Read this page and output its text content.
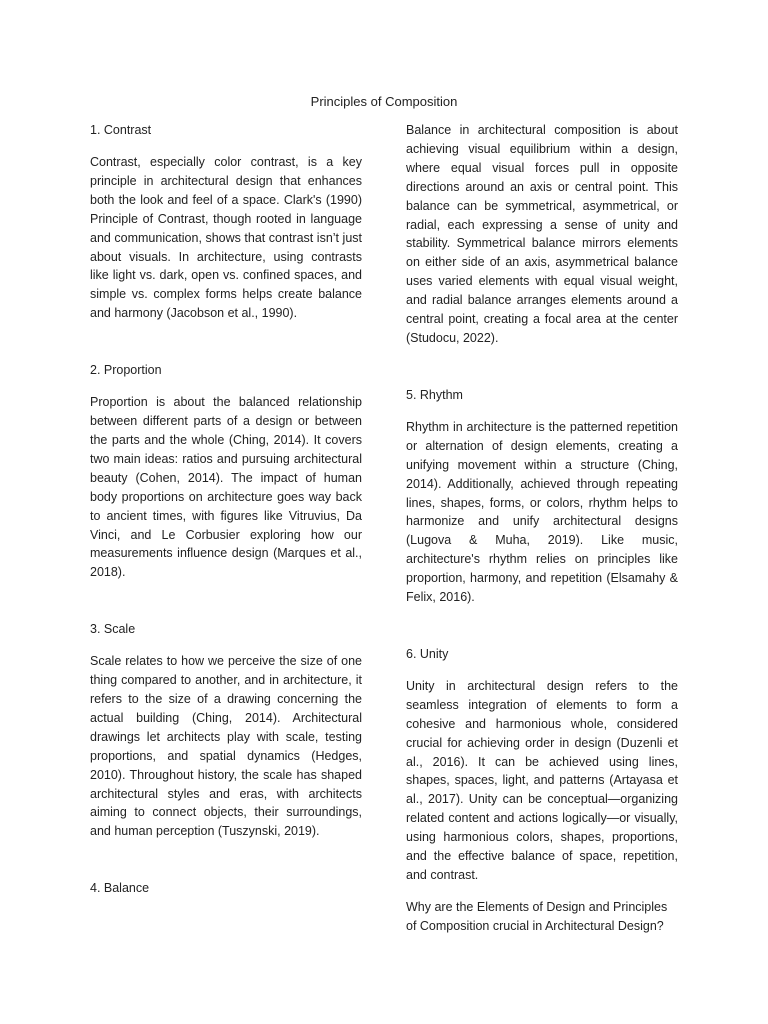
Principles of Composition
1. Contrast

Contrast, especially color contrast, is a key principle in architectural design that enhances both the look and feel of a space. Clark's (1990) Principle of Contrast, though rooted in language and communication, shows that contrast isn’t just about visuals. In architecture, using contrasts like light vs. dark, open vs. confined spaces, and simple vs. complex forms helps create balance and harmony (Jacobson et al., 1990).

2. Proportion

Proportion is about the balanced relationship between different parts of a design or between the parts and the whole (Ching, 2014). It covers two main ideas: ratios and pursuing architectural beauty (Cohen, 2014). The impact of human body proportions on architecture goes way back to ancient times, with figures like Vitruvius, Da Vinci, and Le Corbusier exploring how our measurements influence design (Marques et al., 2018).

3. Scale

Scale relates to how we perceive the size of one thing compared to another, and in architecture, it refers to the size of a drawing concerning the actual building (Ching, 2014). Architectural drawings let architects play with scale, testing proportions, and spatial dynamics (Hedges, 2010). Throughout history, the scale has shaped architectural styles and eras, with architects aiming to connect objects, their surroundings, and human perception (Tuszynski, 2019).

4. Balance

Balance in architectural composition is about achieving visual equilibrium within a design, where equal visual forces pull in opposite directions around an axis or central point. This balance can be symmetrical, asymmetrical, or radial, each expressing a sense of unity and stability. Symmetrical balance mirrors elements on either side of an axis, asymmetrical balance uses varied elements with equal visual weight, and radial balance arranges elements around a central point, creating a focal area at the center (Studocu, 2022).

5. Rhythm

Rhythm in architecture is the patterned repetition or alternation of design elements, creating a unifying movement within a structure (Ching, 2014). Additionally, achieved through repeating lines, shapes, forms, or colors, rhythm helps to harmonize and unify architectural designs (Lugova & Muha, 2019). Like music, architecture's rhythm relies on principles like proportion, harmony, and repetition (Elsamahy & Felix, 2016).

6. Unity

Unity in architectural design refers to the seamless integration of elements to form a cohesive and harmonious whole, considered crucial for achieving order in design (Duzenli et al., 2016). It can be achieved using lines, shapes, spaces, light, and patterns (Artayasa et al., 2017). Unity can be conceptual—organizing related content and actions logically—or visually, using harmonious colors, shapes, proportions, and the effective balance of space, repetition, and contrast.

Why are the Elements of Design and Principles of Composition crucial in Architectural Design?
